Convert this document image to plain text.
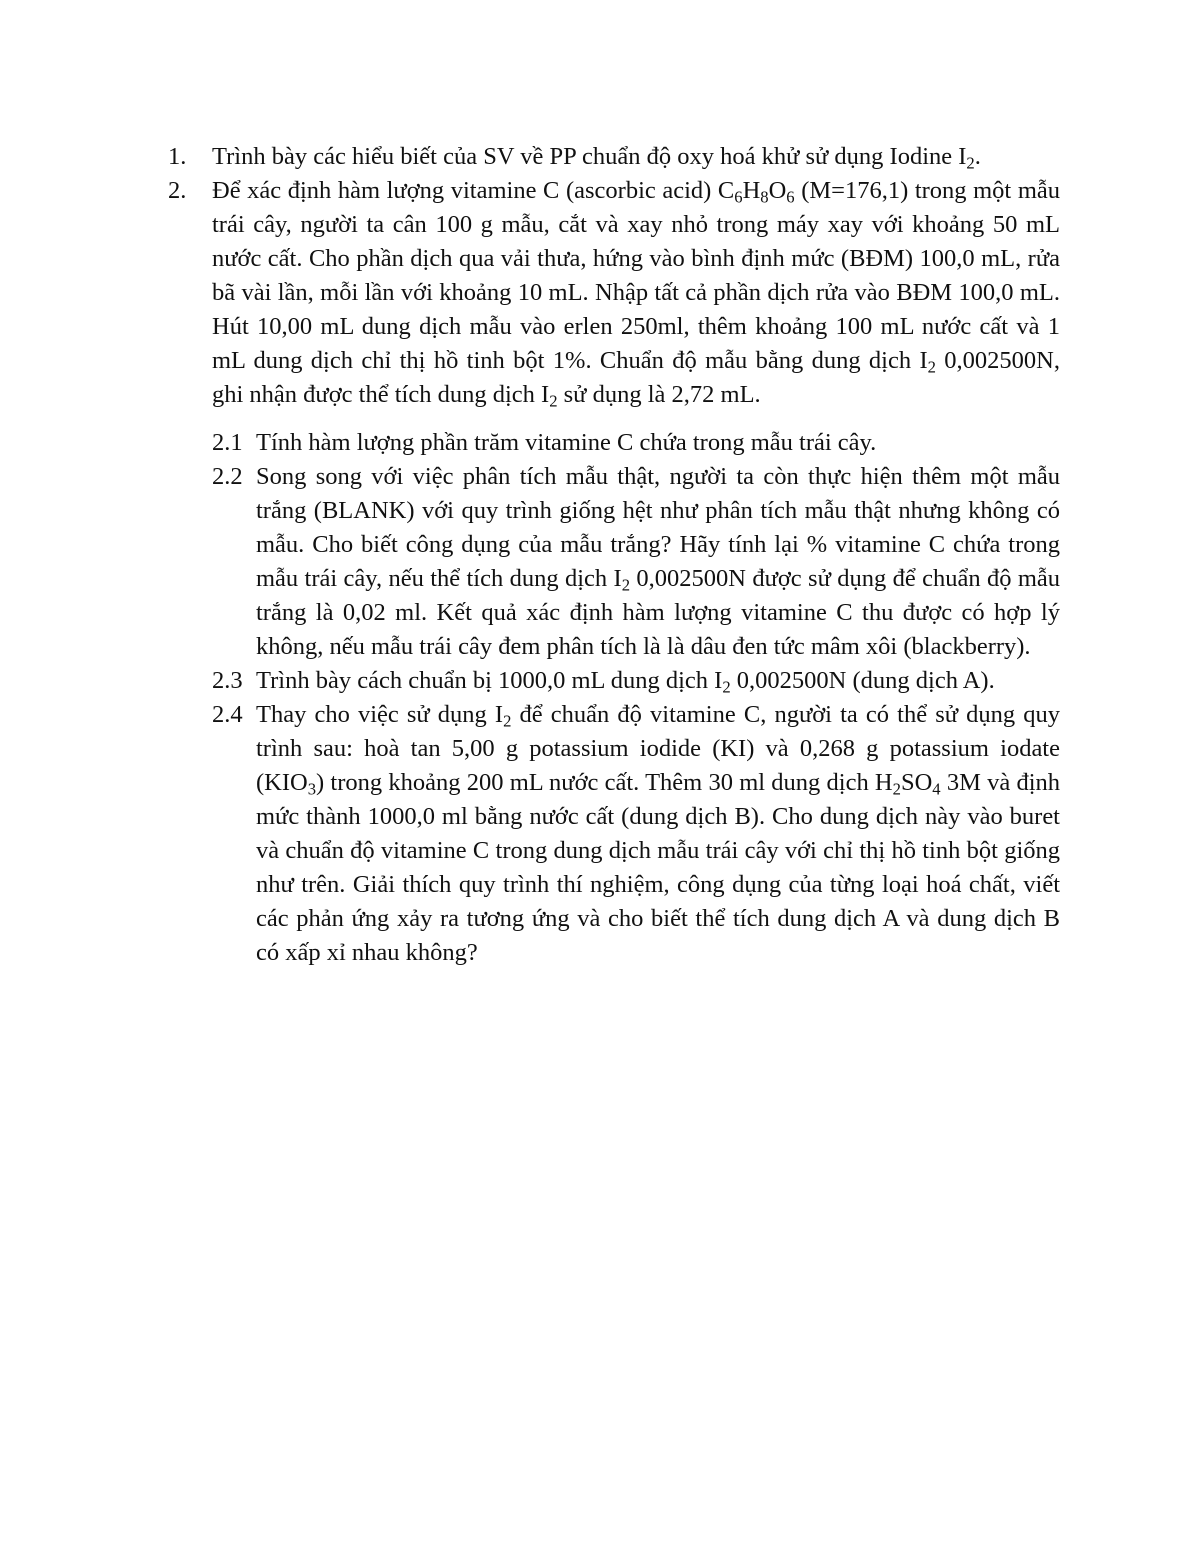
1.	Trình bày các hiểu biết của SV về PP chuẩn độ oxy hoá khử sử dụng Iodine $I_2$.

2.	Để xác định hàm lượng vitamine C (ascorbic acid) $C_6H_8O_6$ (M=176,1) trong một mẫu trái cây, người ta cân 100 g mẫu, cắt và xay nhỏ trong máy xay với khoảng 50 mL nước cất. Cho phần dịch qua vải thưa, hứng vào bình định mức (BĐM) 100,0 mL, rửa bã vài lần, mỗi lần với khoảng 10 mL. Nhập tất cả phần dịch rửa vào BĐM 100,0 mL. Hút 10,00 mL dung dịch mẫu vào erlen 250ml, thêm khoảng 100 mL nước cất và 1 mL dung dịch chỉ thị hồ tinh bột 1%. Chuẩn độ mẫu bằng dung dịch $I_2$ 0,002500N, ghi nhận được thể tích dung dịch $I_2$ sử dụng là 2,72 mL.

2.1 Tính hàm lượng phần trăm vitamine C chứa trong mẫu trái cây.

2.2 Song song với việc phân tích mẫu thật, người ta còn thực hiện thêm một mẫu trắng (BLANK) với quy trình giống hệt như phân tích mẫu thật nhưng không có mẫu. Cho biết công dụng của mẫu trắng? Hãy tính lại % vitamine C chứa trong mẫu trái cây, nếu thể tích dung dịch $I_2$ 0,002500N được sử dụng để chuẩn độ mẫu trắng là 0,02 ml. Kết quả xác định hàm lượng vitamine C thu được có hợp lý không, nếu mẫu trái cây đem phân tích là là dâu đen tức mâm xôi (blackberry).

2.3 Trình bày cách chuẩn bị 1000,0 mL dung dịch $I_2$ 0,002500N (dung dịch A).

2.4 Thay cho việc sử dụng $I_2$ để chuẩn độ vitamine C, người ta có thể sử dụng quy trình sau: hoà tan 5,00 g potassium iodide (KI) và 0,268 g potassium iodate $(KIO_3)$ trong khoảng 200 mL nước cất. Thêm 30 ml dung dịch $H_2SO_4$ 3M và định mức thành 1000,0 ml bằng nước cất (dung dịch B). Cho dung dịch này vào buret và chuẩn độ vitamine C trong dung dịch mẫu trái cây với chỉ thị hồ tinh bột giống như trên. Giải thích quy trình thí nghiệm, công dụng của từng loại hoá chất, viết các phản ứng xảy ra tương ứng và cho biết thể tích dung dịch A và dung dịch B có xấp xỉ nhau không?
